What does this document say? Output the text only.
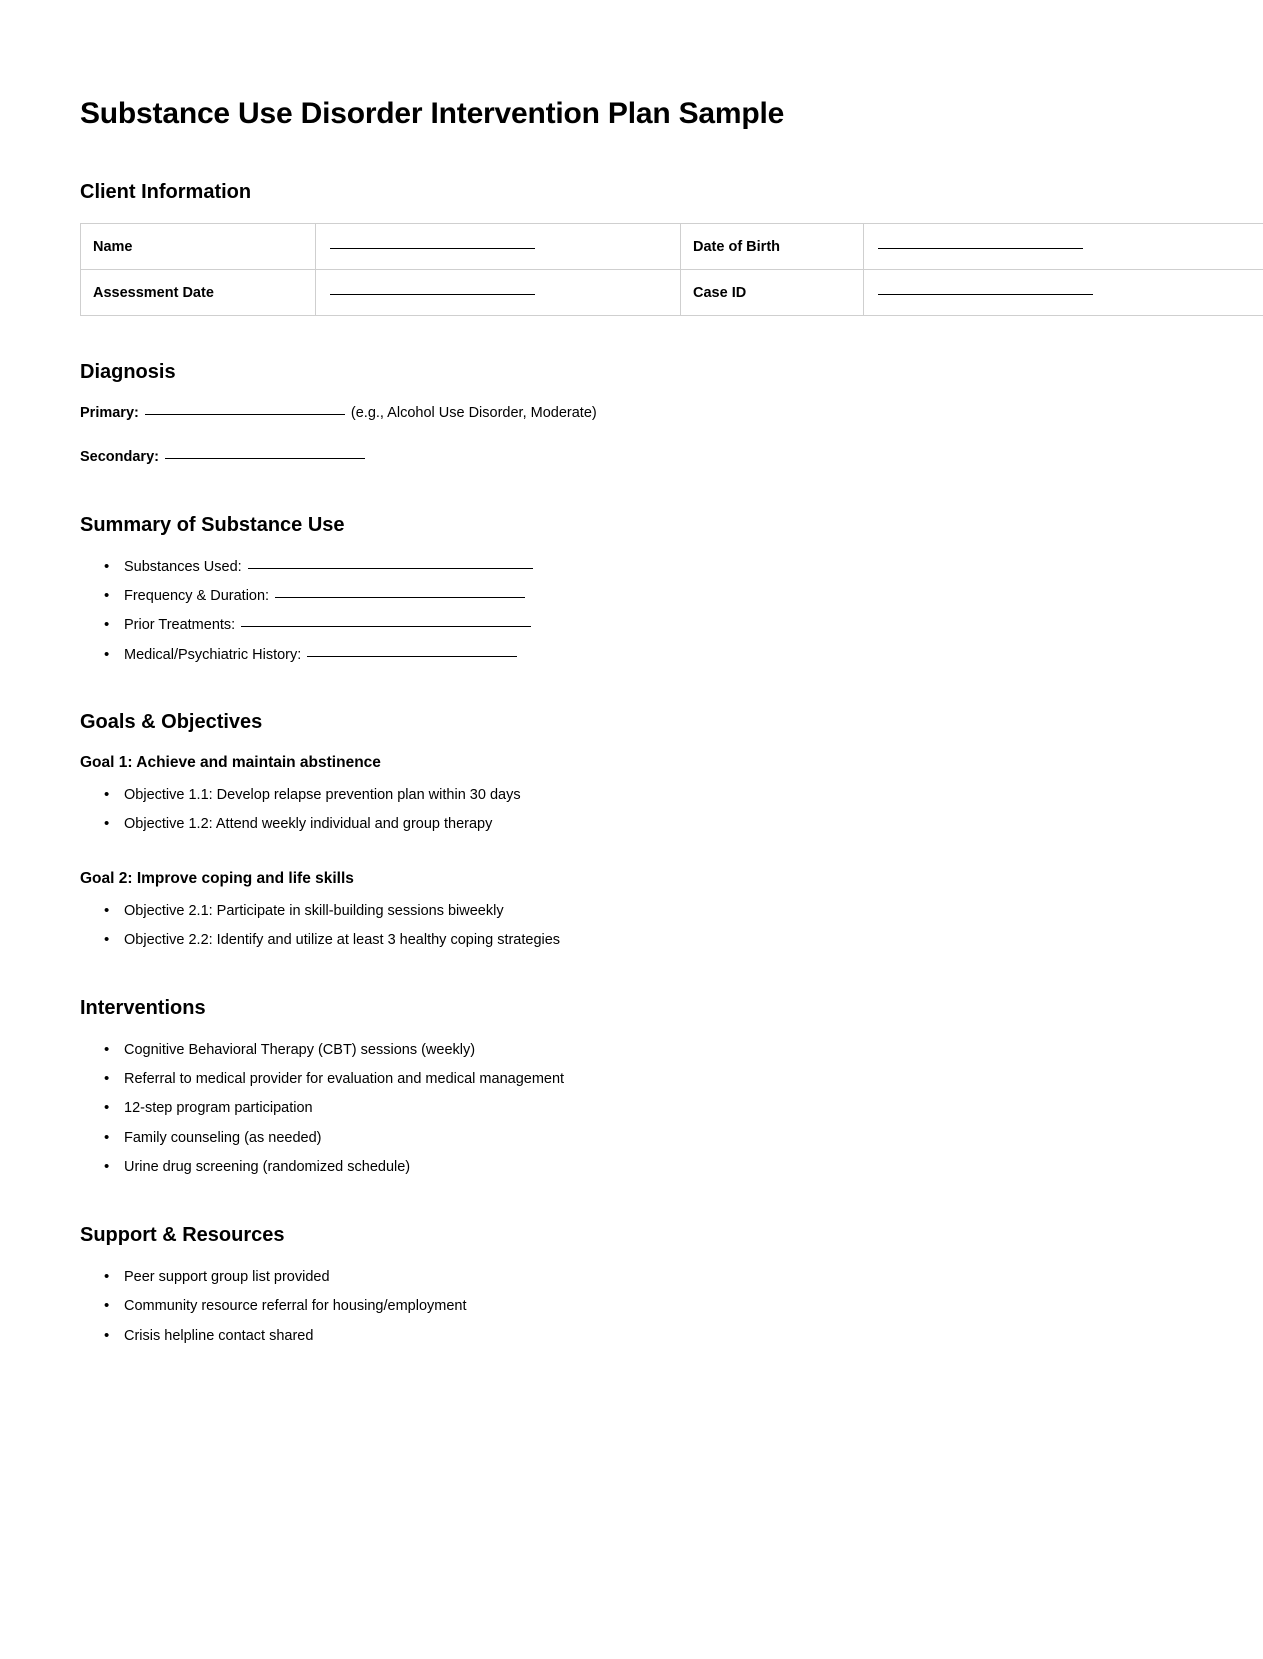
Substance Use Disorder Intervention Plan Sample
Client Information
Name		Date of Birth	
Assessment Date		Case ID	
Diagnosis

Primary:	(e.g., Alcohol Use Disorder, Moderate)

Secondary:

Summary of Substance Use
• Substances Used:
• Frequency & Duration:
• Prior Treatments:
• Medical/Psychiatric History:
Goals & Objectives
Goal 1: Achieve and maintain abstinence
• Objective 1.1: Develop relapse prevention plan within 30 days
• Objective 1.2: Attend weekly individual and group therapy
Goal 2: Improve coping and life skills
• Objective 2.1: Participate in skill-building sessions biweekly
• Objective 2.2: Identify and utilize at least 3 healthy coping strategies
Interventions
• Cognitive Behavioral Therapy (CBT) sessions (weekly)
• Referral to medical provider for evaluation and medical management
• 12-step program participation
• Family counseling (as needed)
• Urine drug screening (randomized schedule)
Support & Resources
• Peer support group list provided
• Community resource referral for housing/employment
• Crisis helpline contact shared
